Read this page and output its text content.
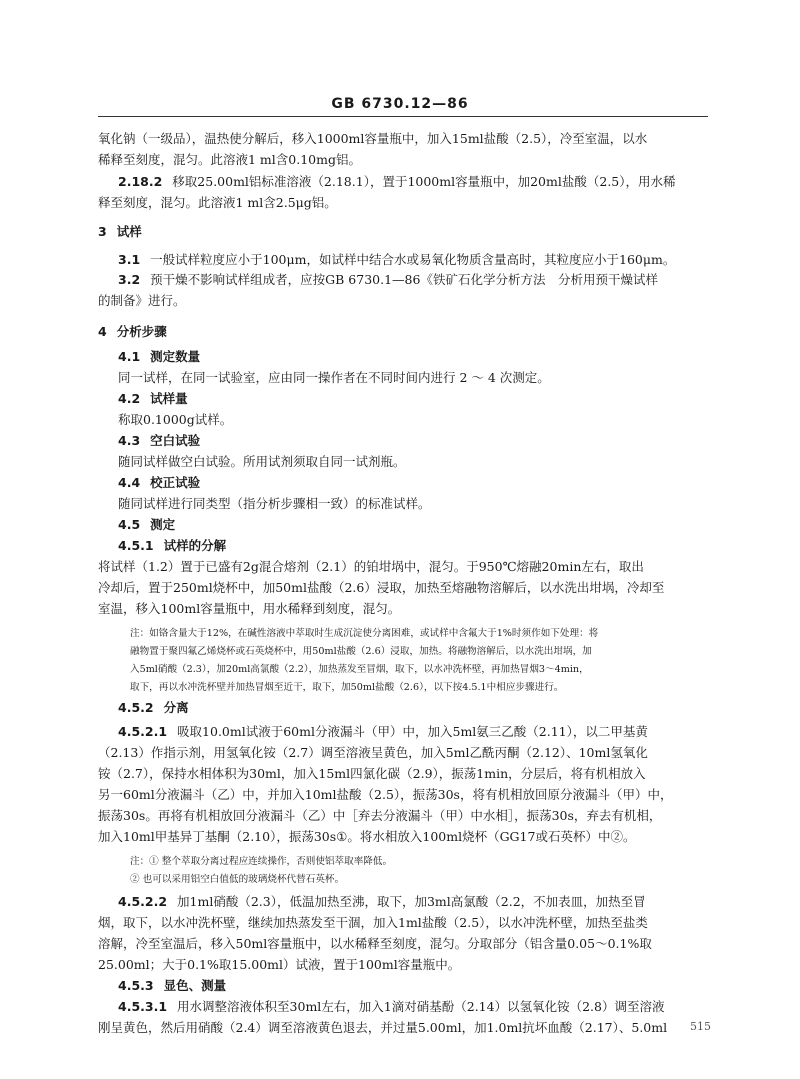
GB 6730.12—86
氧化钠（一级品），温热使分解后，移入1000ml容量瓶中，加入15ml盐酸（2.5），冷至室温，以水
稀释至刻度，混匀。此溶液1 ml含0.10mg铝。
2.18.2 移取25.00ml铝标准溶液（2.18.1），置于1000ml容量瓶中，加20ml盐酸（2.5），用水稀
释至刻度，混匀。此溶液1 ml含2.5μg铝。
3 试样
3.1 一般试样粒度应小于100μm，如试样中结合水或易氧化物质含量高时，其粒度应小于160μm。
3.2 预干燥不影响试样组成者，应按GB 6730.1—86《铁矿石化学分析方法　分析用预干燥试样
的制备》进行。
4 分析步骤
4.1 测定数量
同一试样，在同一试验室，应由同一操作者在不同时间内进行 2 ～ 4 次测定。
4.2 试样量
称取0.1000g试样。
4.3 空白试验
随同试样做空白试验。所用试剂须取自同一试剂瓶。
4.4 校正试验
随同试样进行同类型（指分析步骤相一致）的标准试样。
4.5 测定
4.5.1 试样的分解
将试样（1.2）置于已盛有2g混合熔剂（2.1）的铂坩埚中，混匀。于950℃熔融20min左右，取出
冷却后，置于250ml烧杯中，加50ml盐酸（2.6）浸取，加热至熔融物溶解后，以水洗出坩埚，冷却至
室温，移入100ml容量瓶中，用水稀释到刻度，混匀。
注：如铬含量大于12%，在碱性溶液中萃取时生成沉淀使分离困难，或试样中含氟大于1%时须作如下处理：将
融物置于聚四氟乙烯烧杯或石英烧杯中，用50ml盐酸（2.6）浸取，加热。将融物溶解后，以水洗出坩埚，加
入5ml硝酸（2.3），加20ml高氯酸（2.2），加热蒸发至冒烟，取下，以水冲洗杯壁，再加热冒烟3～4min，
取下，再以水冲洗杯壁并加热冒烟至近干，取下，加50ml盐酸（2.6），以下按4.5.1中相应步骤进行。
4.5.2 分离
4.5.2.1 吸取10.0ml试液于60ml分液漏斗（甲）中，加入5ml氨三乙酸（2.11），以二甲基黄
（2.13）作指示剂，用氢氧化铵（2.7）调至溶液呈黄色，加入5ml乙酰丙酮（2.12）、10ml氢氧化
铵（2.7），保持水相体积为30ml，加入15ml四氯化碳（2.9），振荡1min，分层后，将有机相放入
另一60ml分液漏斗（乙）中，并加入10ml盐酸（2.5），振荡30s，将有机相放回原分液漏斗（甲）中，
振荡30s。再将有机相放回分液漏斗（乙）中［弃去分液漏斗（甲）中水相］，振荡30s，弃去有机相，
加入10ml甲基异丁基酮（2.10），振荡30s①。将水相放入100ml烧杯（GG17或石英杯）中②。
注：① 整个萃取分离过程应连续操作，否则使铝萃取率降低。
② 也可以采用铝空白值低的玻璃烧杯代替石英杯。
4.5.2.2 加1ml硝酸（2.3），低温加热至沸，取下，加3ml高氯酸（2.2，不加表皿，加热至冒
烟，取下，以水冲洗杯壁，继续加热蒸发至干涸，加入1ml盐酸（2.5），以水冲洗杯壁，加热至盐类
溶解，冷至室温后，移入50ml容量瓶中，以水稀释至刻度，混匀。分取部分（铝含量0.05～0.1%取
25.00ml；大于0.1%取15.00ml）试液，置于100ml容量瓶中。
4.5.3 显色、测量
4.5.3.1 用水调整溶液体积至30ml左右，加入1滴对硝基酚（2.14）以氢氧化铵（2.8）调至溶液
刚呈黄色，然后用硝酸（2.4）调至溶液黄色退去，并过量5.00ml，加1.0ml抗坏血酸（2.17）、5.0ml	515
